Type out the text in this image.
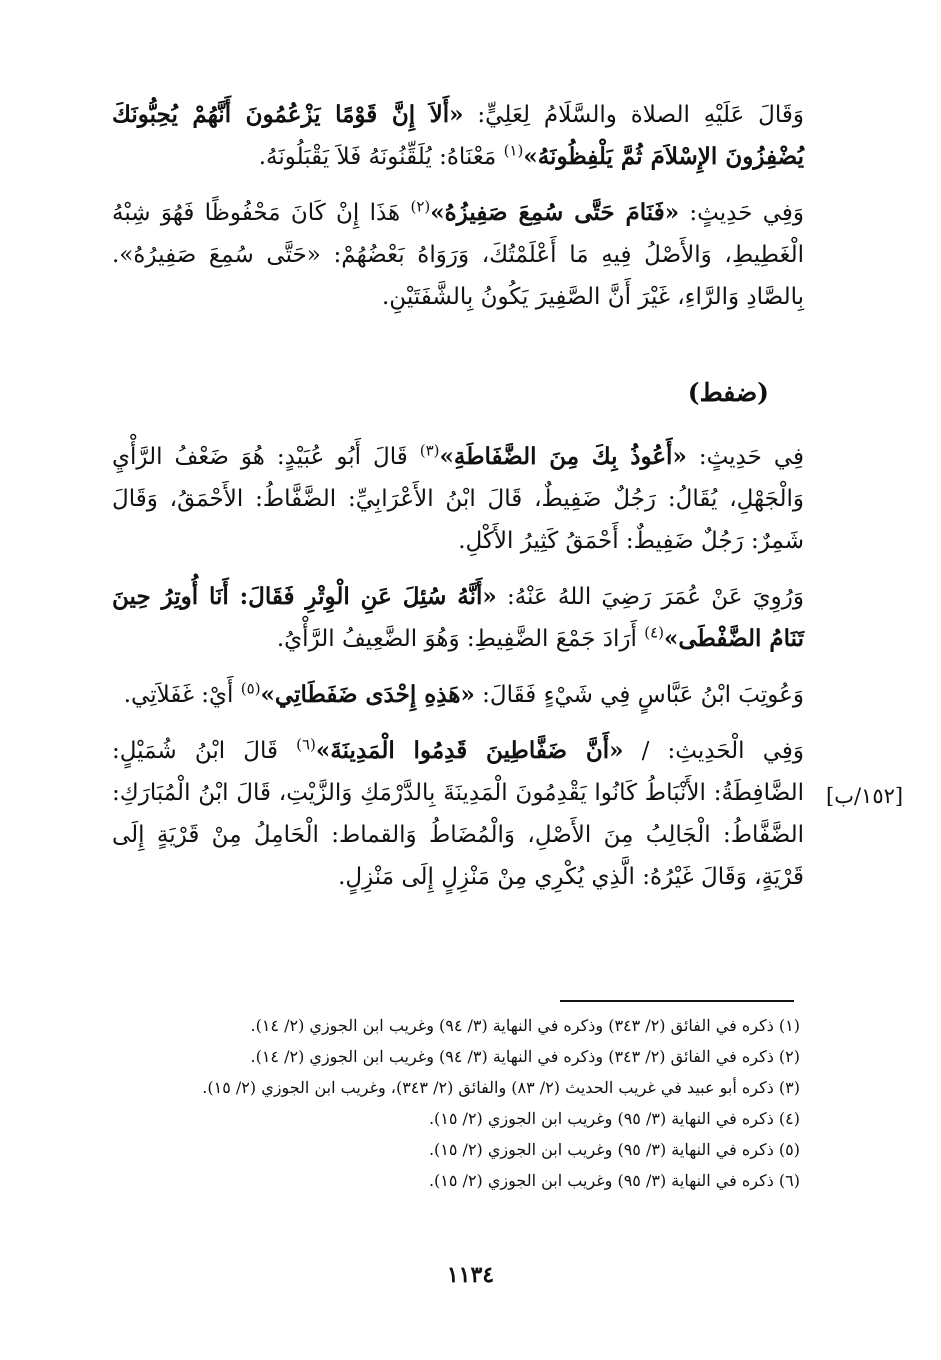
وَقَالَ عَلَيْهِ الصلاة والسَّلَامُ لِعَلِيٍّ: «أَلاَ إِنَّ قَوْمًا يَزْعُمُونَ أَنَّهُمْ يُحِبُّونَكَ يُضْفِزُونَ الإِسْلاَمَ ثُمَّ يَلْفِظُونَهُ»$^{(١)}$ مَعْنَاهُ: يُلَقِّنُونَهُ فَلاَ يَقْبَلُونَهُ.

وَفِي حَدِيثٍ: «فَنَامَ حَتَّى سُمِعَ صَفِيزُهُ»$^{(٢)}$ هَذَا إِنْ كَانَ مَحْفُوظًا فَهُوَ شِبْهُ الْغَطِيطِ، وَالأَصْلُ فِيهِ مَا أَعْلَمْتُكَ، وَرَوَاهُ بَعْضُهُمْ: «حَتَّى سُمِعَ صَفِيرُهُ». بِالصَّادِ وَالرَّاءِ، غَيْرَ أَنَّ الصَّفِيرَ يَكُونُ بِالشَّفَتَيْنِ.

(ضفط)

فِي حَدِيثٍ: «أَعُوذُ بِكَ مِنَ الضَّفَاطَةِ»$^{(٣)}$ قَالَ أَبُو عُبَيْدٍ: هُوَ ضَعْفُ الرَّأْيِ وَالْجَهْلِ، يُقَالُ: رَجُلٌ ضَفِيطٌ، قَالَ ابْنُ الأَعْرَابِيِّ: الضَّفَّاطُ: الأَحْمَقُ، وَقَالَ شَمِرٌ: رَجُلٌ ضَفِيطٌ: أَحْمَقُ كَثِيرُ الأَكْلِ.

وَرُوِيَ عَنْ عُمَرَ رَضِيَ اللهُ عَنْهُ: «أَنَّهُ سُئِلَ عَنِ الْوِتْرِ فَقَالَ: أَنَا أُوتِرُ حِينَ تَنَامُ الضَّفْطَى»$^{(٤)}$ أَرَادَ جَمْعَ الضَّفِيطِ: وَهُوَ الضَّعِيفُ الرَّأْيُ.

وَعُوتِبَ ابْنُ عَبَّاسٍ فِي شَيْءٍ فَقَالَ: «هَذِهِ إِحْدَى ضَفَطَاتِي»$^{(٥)}$ أَيْ: غَفَلاَتِي.

وَفِي الْحَدِيثِ: / «أَنَّ ضَفَّاطِينَ قَدِمُوا الْمَدِينَةَ»$^{(٦)}$ قَالَ ابْنُ شُمَيْلٍ: الضَّافِطَةُ: الأَنْبَاطُ كَانُوا يَقْدِمُونَ الْمَدِينَةَ بِالدَّرْمَكِ وَالزَّيْتِ، قَالَ ابْنُ الْمُبَارَكِ: الضَّفَّاطُ: الْجَالِبُ مِنَ الأَصْلِ، وَالْمُضَاطُ وَالقماط: الْحَامِلُ مِنْ قَرْيَةٍ إِلَى قَرْيَةٍ، وَقَالَ غَيْرُهُ: الَّذِي يُكْرِي مِنْ مَنْزِلٍ إِلَى مَنْزِلٍ.

[١٥٢/ب]

(١) ذكره في الفائق (٢/ ٣٤٣) وذكره في النهاية (٣/ ٩٤) وغريب ابن الجوزي (٢/ ١٤).

(٢) ذكره في الفائق (٢/ ٣٤٣) وذكره في النهاية (٣/ ٩٤) وغريب ابن الجوزي (٢/ ١٤).

(٣) ذكره أبو عبيد في غريب الحديث (٢/ ٨٣) والفائق (٢/ ٣٤٣)، وغريب ابن الجوزي (٢/ ١٥).

(٤) ذكره في النهاية (٣/ ٩٥) وغريب ابن الجوزي (٢/ ١٥).

(٥) ذكره في النهاية (٣/ ٩٥) وغريب ابن الجوزي (٢/ ١٥).

(٦) ذكره في النهاية (٣/ ٩٥) وغريب ابن الجوزي (٢/ ١٥).

١١٣٤
